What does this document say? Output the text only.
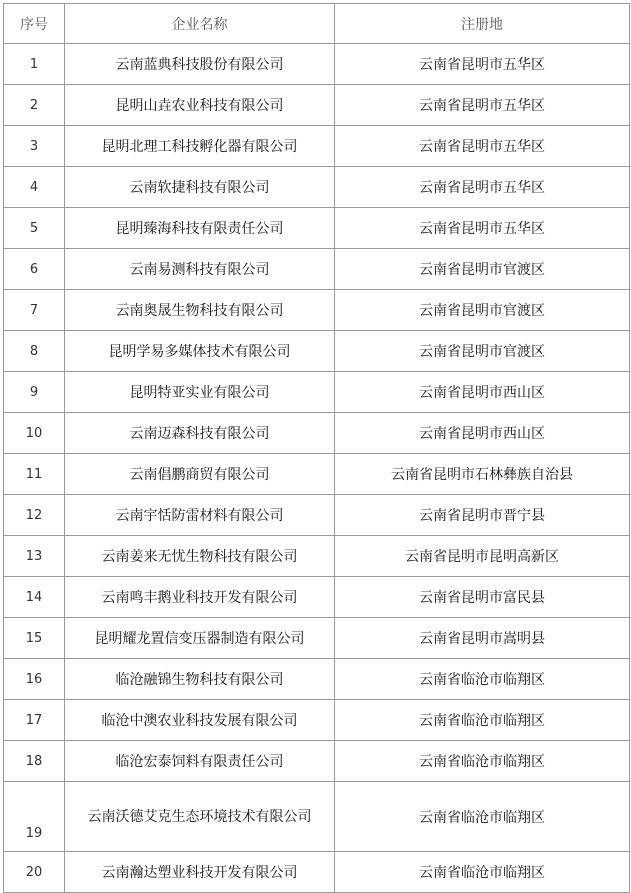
序号	企业名称	注册地
1	云南蓝典科技股份有限公司	云南省昆明市五华区
2	昆明山垚农业科技有限公司	云南省昆明市五华区
3	昆明北理工科技孵化器有限公司	云南省昆明市五华区
4	云南软捷科技有限公司	云南省昆明市五华区
5	昆明臻海科技有限责任公司	云南省昆明市五华区
6	云南易测科技有限公司	云南省昆明市官渡区
7	云南奥晟生物科技有限公司	云南省昆明市官渡区
8	昆明学易多媒体技术有限公司	云南省昆明市官渡区
9	昆明特亚实业有限公司	云南省昆明市西山区
10	云南迈森科技有限公司	云南省昆明市西山区
11	云南倡鹏商贸有限公司	云南省昆明市石林彝族自治县
12	云南宇恬防雷材料有限公司	云南省昆明市晋宁县
13	云南姜来无忧生物科技有限公司	云南省昆明市昆明高新区
14	云南鸣丰鹅业科技开发有限公司	云南省昆明市富民县
15	昆明耀龙置信变压器制造有限公司	云南省昆明市嵩明县
16	临沧融锦生物科技有限公司	云南省临沧市临翔区
17	临沧中澳农业科技发展有限公司	云南省临沧市临翔区
18	临沧宏泰饲料有限责任公司	云南省临沧市临翔区
19	云南沃德艾克生态环境技术有限公司	云南省临沧市临翔区
20	云南瀚达塑业科技开发有限公司	云南省临沧市临翔区
